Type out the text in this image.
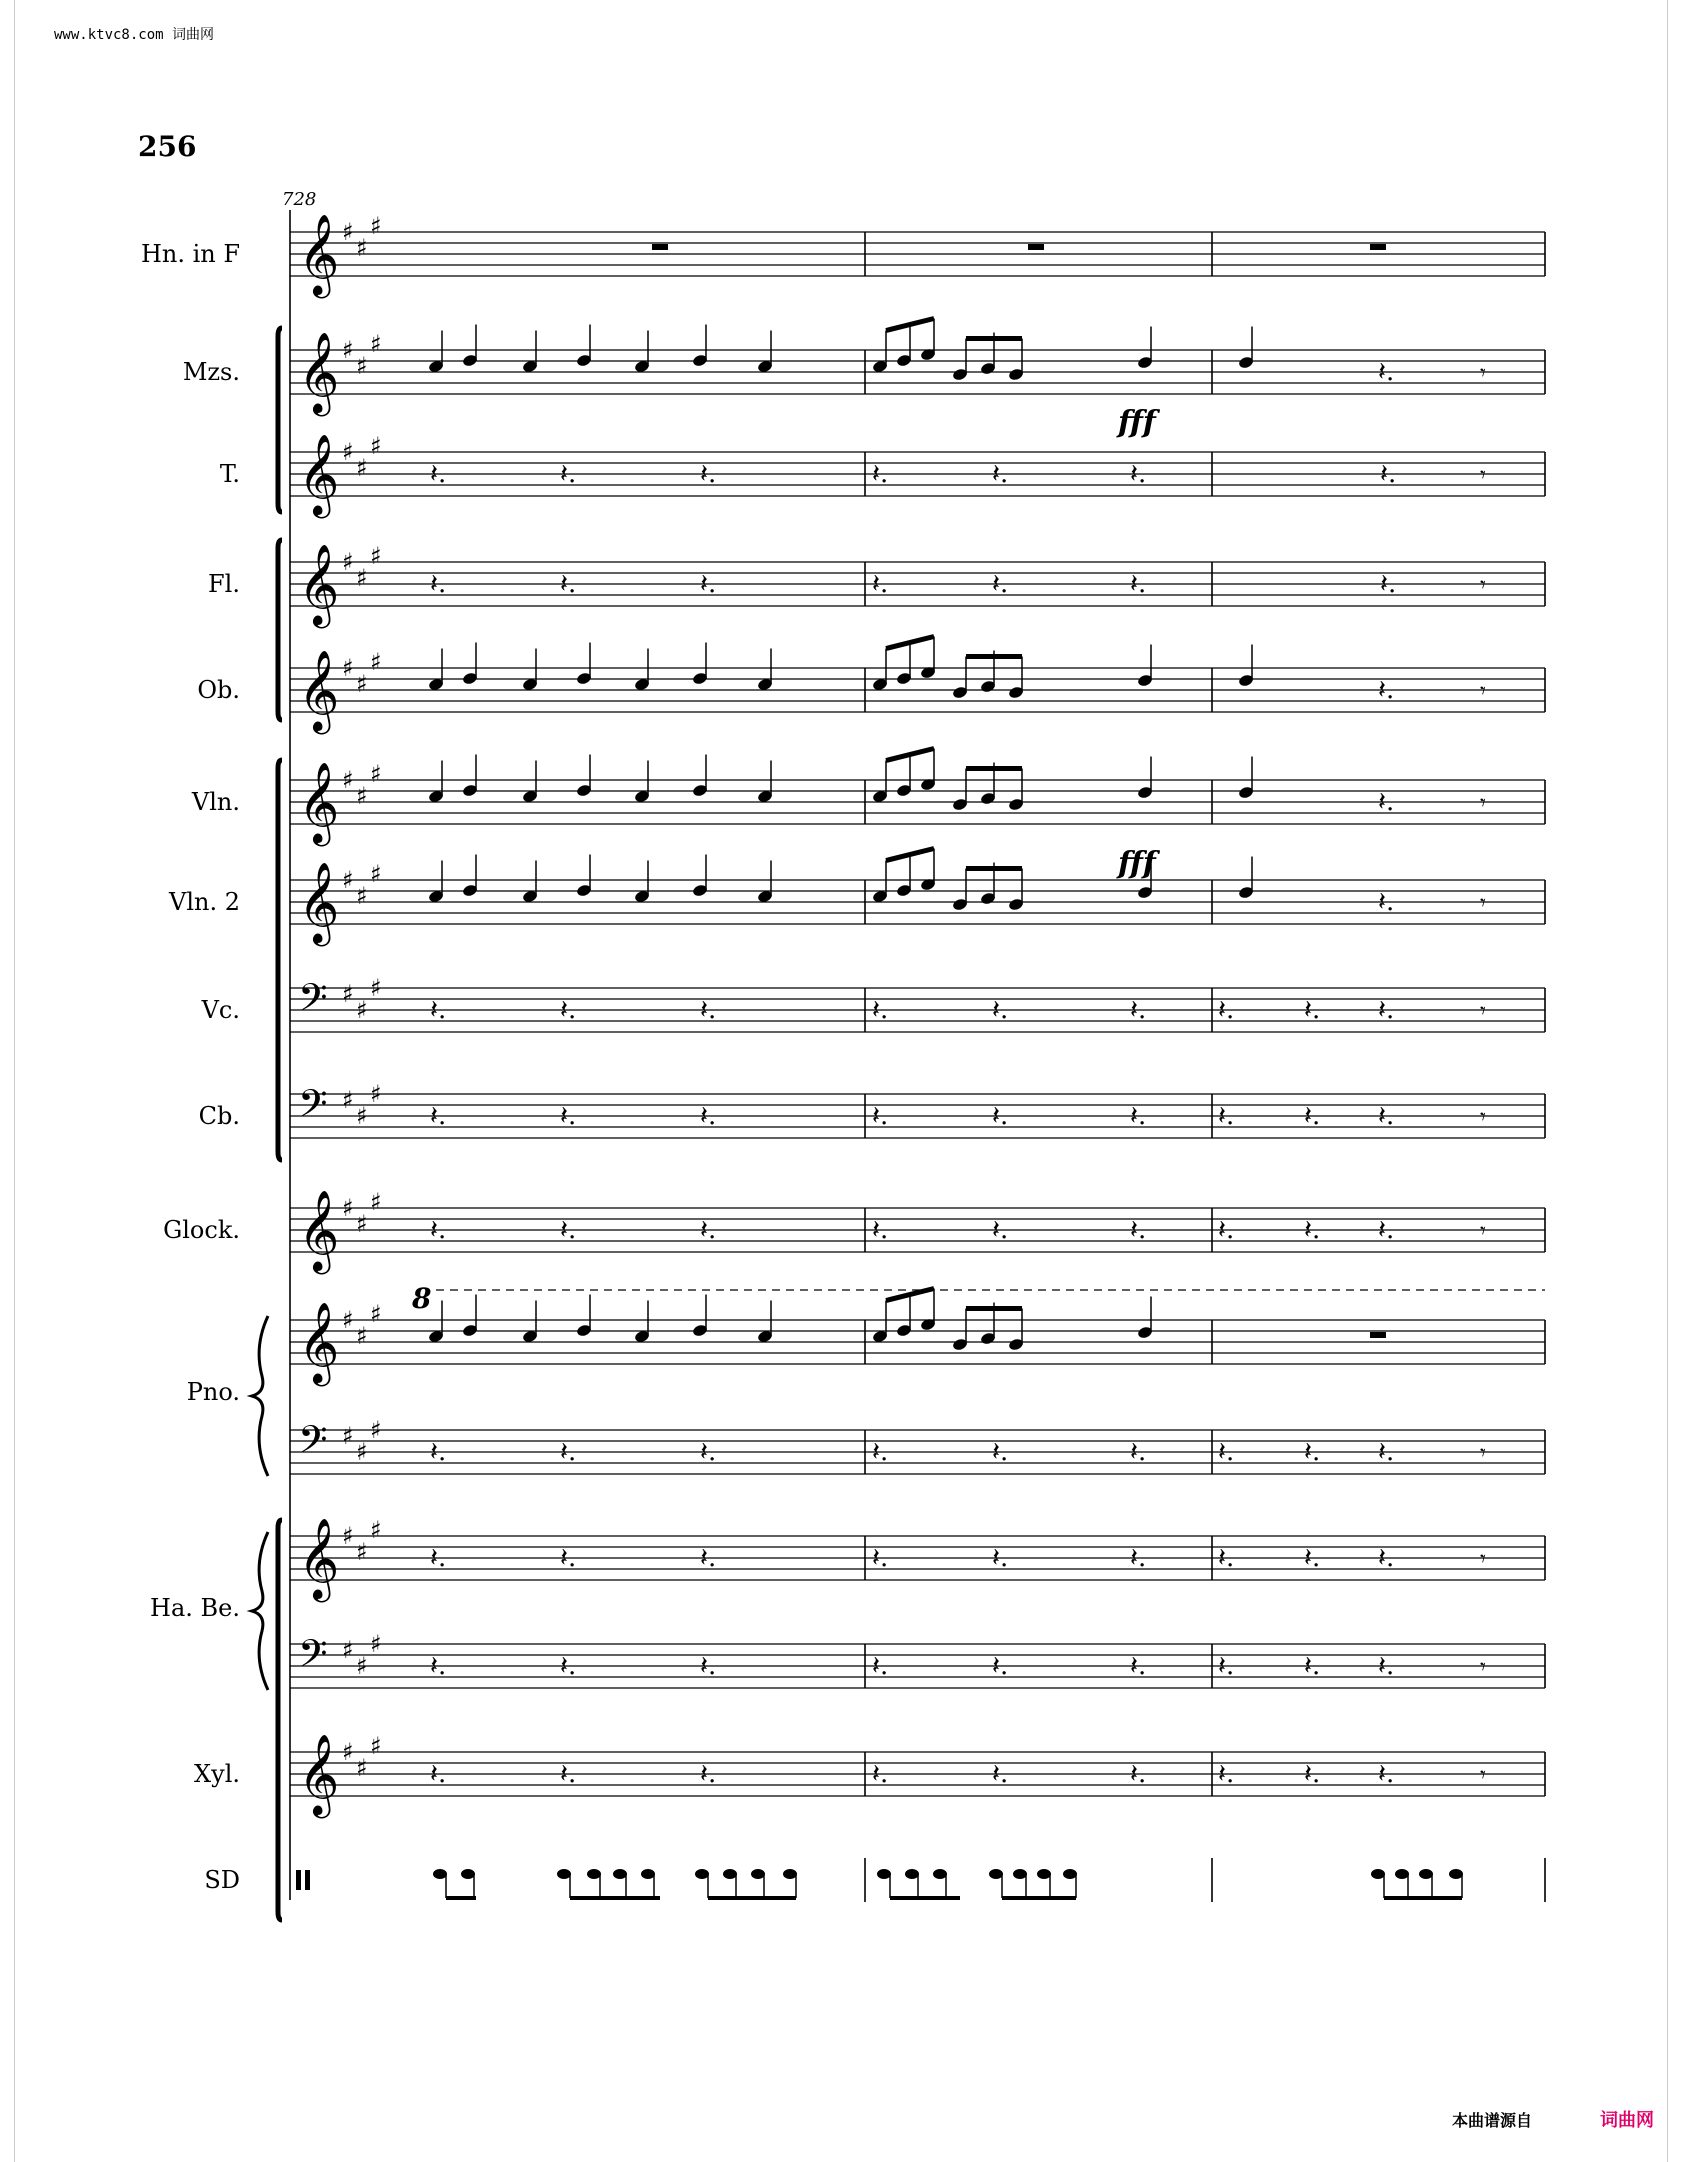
www.ktvc8.com 词曲网
256
728
𝄞 ♯
♯
♯
𝄞 ♯
♯
♯
𝄞 ♯
♯
♯
𝄞 ♯
♯
♯
𝄞 ♯
♯
♯
𝄞 ♯
♯
♯
𝄞 ♯
♯
♯
𝄢 ♯
♯
♯
𝄢 ♯
♯
♯
𝄞 ♯
♯
♯
𝄞 ♯
♯
♯
𝄢 ♯
♯
♯
𝄞 ♯
♯
♯
𝄢 ♯
♯
♯
𝄞 ♯
♯
♯
Hn. in F
Mzs.
T.
Fl.
Ob.
Vln.
Vln. 2
Vc.
Cb.
Glock.
Pno.
Ha. Be.
Xyl.
SD
𝄽.	𝄽.	𝄽.	𝄽.	𝄽.	𝄽.	𝄽.	𝄾
𝄽.	𝄽.	𝄽.	𝄽.	𝄽.	𝄽.	𝄽.	𝄾
𝄽.	𝄽.	𝄽.	𝄽.	𝄽.	𝄽.	𝄽.	𝄽. 𝄽.	𝄾
𝄽.	𝄽.	𝄽.	𝄽.	𝄽.	𝄽.	𝄽.	𝄽. 𝄽.	𝄾
𝄽.	𝄽.	𝄽.	𝄽.	𝄽.	𝄽.	𝄽.	𝄽. 𝄽.	𝄾
𝄽.	𝄽.	𝄽.	𝄽.	𝄽.	𝄽.	𝄽.	𝄽. 𝄽.	𝄾
𝄽.	𝄽.	𝄽.	𝄽.	𝄽.	𝄽.	𝄽.	𝄽. 𝄽.	𝄾
𝄽.	𝄽.	𝄽.	𝄽.	𝄽.	𝄽.	𝄽.	𝄽. 𝄽.	𝄾
𝄽.	𝄽.	𝄽.	𝄽.	𝄽.	𝄽.	𝄽.	𝄽. 𝄽.	𝄾
𝄽.	𝄾
𝄽.	𝄾
𝄽.	𝄾
𝄽.	𝄾
fff
fff
8
本曲谱源自	词曲网
